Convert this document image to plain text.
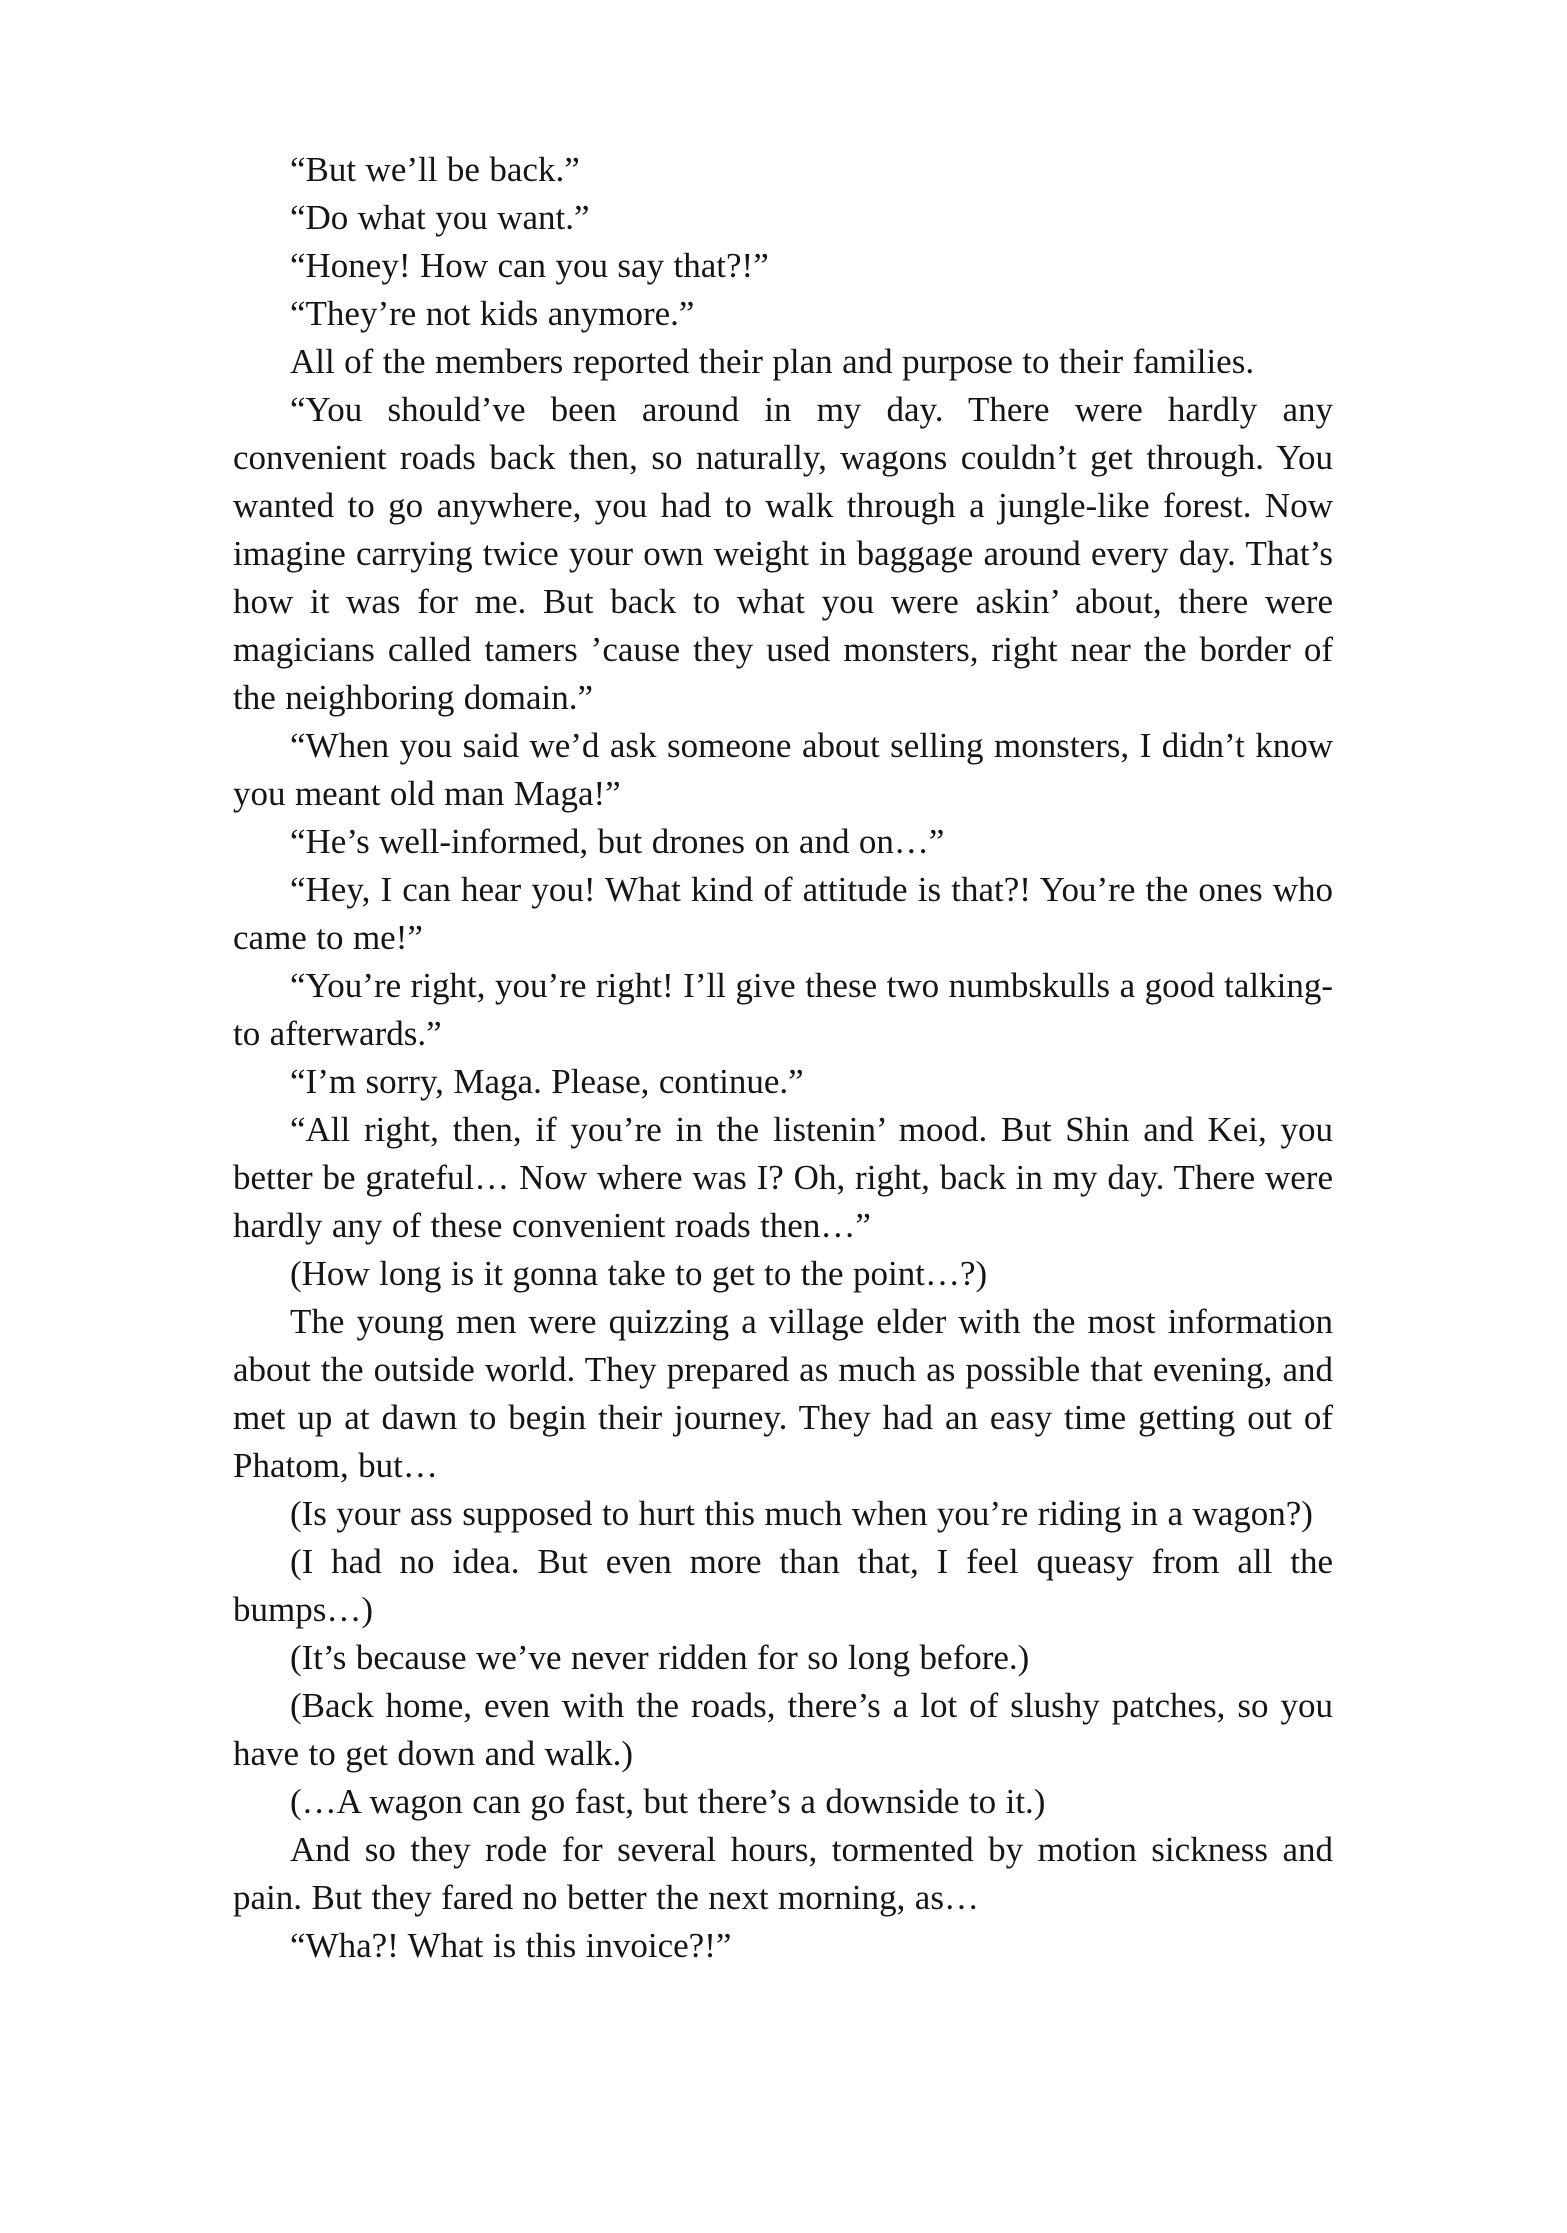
“But we’ll be back.”

“Do what you want.”

“Honey! How can you say that?!”

“They’re not kids anymore.”

All of the members reported their plan and purpose to their families.

“You should’ve been around in my day. There were hardly any convenient roads back then, so naturally, wagons couldn’t get through. You wanted to go anywhere, you had to walk through a jungle-like forest. Now imagine carrying twice your own weight in baggage around every day. That’s how it was for me. But back to what you were askin’ about, there were magicians called tamers ’cause they used monsters, right near the border of the neighboring domain.”

“When you said we’d ask someone about selling monsters, I didn’t know you meant old man Maga!”

“He’s well-informed, but drones on and on…”

“Hey, I can hear you! What kind of attitude is that?! You’re the ones who came to me!”

“You’re right, you’re right! I’ll give these two numbskulls a good talking-to afterwards.”

“I’m sorry, Maga. Please, continue.”

“All right, then, if you’re in the listenin’ mood. But Shin and Kei, you better be grateful… Now where was I? Oh, right, back in my day. There were hardly any of these convenient roads then…”

(How long is it gonna take to get to the point…?)

The young men were quizzing a village elder with the most information about the outside world. They prepared as much as possible that evening, and met up at dawn to begin their journey. They had an easy time getting out of Phatom, but…

(Is your ass supposed to hurt this much when you’re riding in a wagon?)

(I had no idea. But even more than that, I feel queasy from all the bumps…)

(It’s because we’ve never ridden for so long before.)

(Back home, even with the roads, there’s a lot of slushy patches, so you have to get down and walk.)

(…A wagon can go fast, but there’s a downside to it.)

And so they rode for several hours, tormented by motion sickness and pain. But they fared no better the next morning, as…

“Wha?! What is this invoice?!”
